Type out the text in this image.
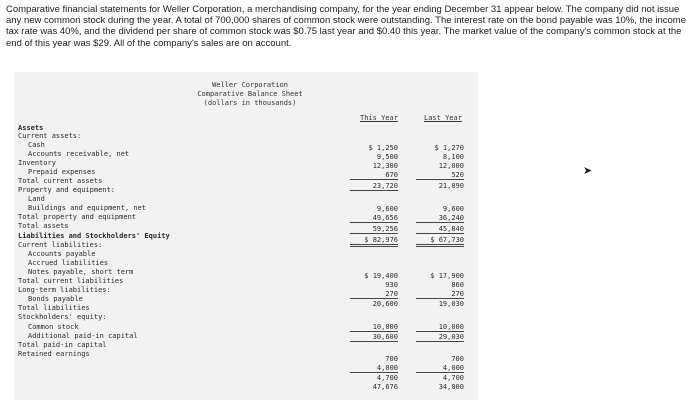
Comparative financial statements for Weller Corporation, a merchandising company, for the year ending December 31 appear below. The company did not issue any new common stock during the year. A total of 700,000 shares of common stock were outstanding. The interest rate on the bond payable was 10%, the income tax rate was 40%, and the dividend per share of common stock was $0.75 last year and $0.40 this year. The market value of the company's common stock at the end of this year was $29. All of the company's sales are on account.
Weller Corporation
Comparative Balance Sheet
(dollars in thousands)
This Year	Last Year
Assets
Current assets:
Cash
Accounts receivable, net
Inventory
Prepaid expenses
Total current assets
Property and equipment:
Land
Buildings and equipment, net
Total property and equipment
Total assets
Liabilities and Stockholders' Equity
Current liabilities:
Accounts payable
Accrued liabilities
Notes payable, short term
Total current liabilities
Long-term liabilities:
Bonds payable
Total liabilities
Stockholders' equity:
Common stock
Additional paid-in capital
Total paid-in capital
Retained earnings
$ 1,250
9,500
12,300
670
23,720
9,600
49,656
59,256
$ 82,976
$ 19,400
930
270
20,600
10,000
30,600
700
4,000
4,700
47,676
$ 1,270
8,100
12,000
520
21,890
9,600
36,240
45,840
$ 67,730
$ 17,900
860
270
19,030
10,000
29,030
700
4,000
4,700
34,000
➤
